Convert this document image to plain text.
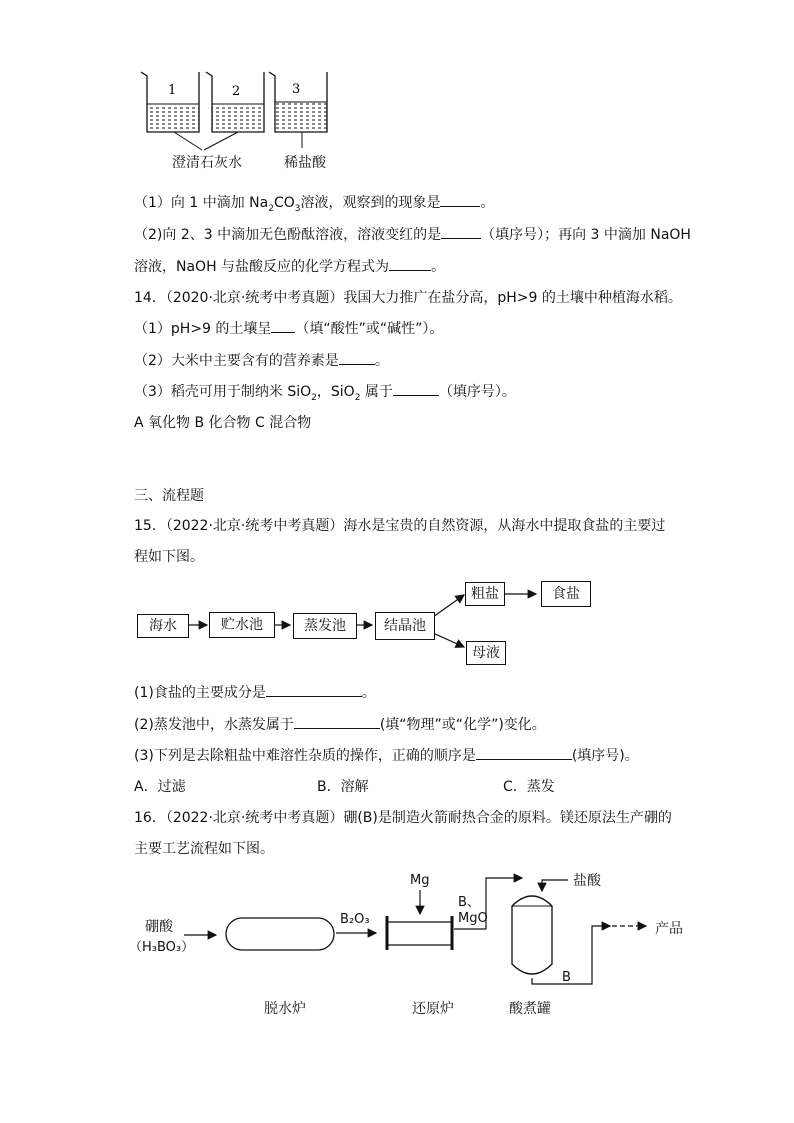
1	2	3
澄清石灰水	稀盐酸
（1）向 1 中滴加 $Na_2CO_3$溶液，观察到的现象是	。
（2)向 2、3 中滴加无色酚酞溶液，溶液变红的是	（填序号）；再向 3 中滴加 NaOH
溶液，NaOH 与盐酸反应的化学方程式为	。
14．（2020·北京·统考中考真题）我国大力推广在盐分高，pH>9 的土壤中种植海水稻。
（1）pH>9 的土壤呈 （填“酸性”或“碱性”）。
（2）大米中主要含有的营养素是	。
（3）稻壳可用于制纳米 SiO$_2$，SiO$_2$ 属于	（填序号）。
A 氧化物 B 化合物 C 混合物
三、流程题
15．（2022·北京·统考中考真题）海水是宝贵的自然资源，从海水中提取食盐的主要过
程如下图。
海水	贮水池	蒸发池	结晶池
粗盐	食盐
母液
(1)食盐的主要成分是	。
(2)蒸发池中，水蒸发属于	(填“物理”或“化学”)变化。
(3)下列是去除粗盐中难溶性杂质的操作，正确的顺序是	(填序号)。
A．过滤	B．溶解	C．蒸发
16．（2022·北京·统考中考真题）硼(B)是制造火箭耐热合金的原料。镁还原法生产硼的
主要工艺流程如下图。
硼酸
（H₃BO₃）
B₂O₃
Mg
B、
MgO
盐酸
产品
B
脱水炉	还原炉	酸煮罐
